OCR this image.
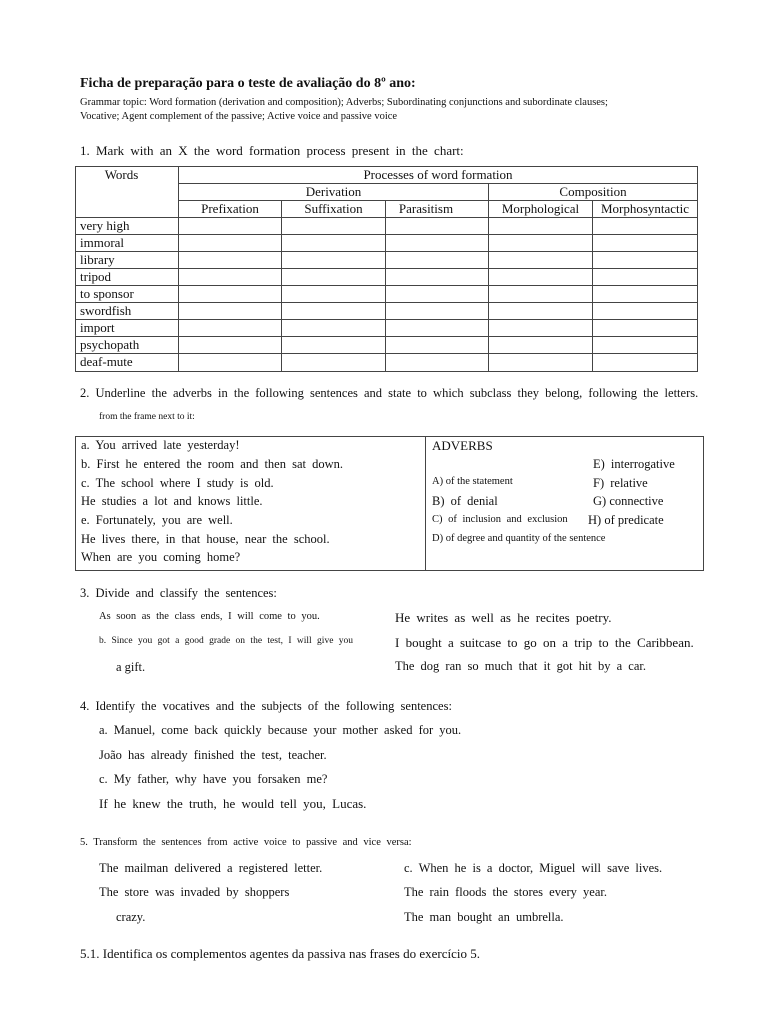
Ficha de preparação para o teste de avaliação do 8º ano:
Grammar topic: Word formation (derivation and composition); Adverbs; Subordinating conjunctions and subordinate clauses;
Vocative; Agent complement of the passive; Active voice and passive voice
1. Mark with an X the word formation process present in the chart:
Words	Processes of word formation
Derivation	Composition
Prefixation	Suffixation	Parasitism	Morphological	Morphosyntactic
very high
immoral
library
tripod
to sponsor
swordfish
import
psychopath
deaf-mute
2. Underline the adverbs in the following sentences and state to which subclass they belong, following the letters.
from the frame next to it:
a. You arrived late yesterday!
b. First he entered the room and then sat down.
c. The school where I study is old.
He studies a lot and knows little.
e. Fortunately, you are well.
He lives there, in that house, near the school.
When are you coming home?
ADVERBS
E) interrogative
A) of the statement	F) relative
B) of denial	G) connective
C) of inclusion and exclusion H) of predicate
D) of degree and quantity of the sentence
3. Divide and classify the sentences:
As soon as the class ends, I will come to you.
b. Since you got a good grade on the test, I will give you
a gift.
He writes as well as he recites poetry.
I bought a suitcase to go on a trip to the Caribbean.
The dog ran so much that it got hit by a car.
4. Identify the vocatives and the subjects of the following sentences:
a. Manuel, come back quickly because your mother asked for you.
João has already finished the test, teacher.
c. My father, why have you forsaken me?
If he knew the truth, he would tell you, Lucas.
5. Transform the sentences from active voice to passive and vice versa:
The mailman delivered a registered letter.
The store was invaded by shoppers
crazy.
c. When he is a doctor, Miguel will save lives.
The rain floods the stores every year.
The man bought an umbrella.
5.1. Identifica os complementos agentes da passiva nas frases do exercício 5.
